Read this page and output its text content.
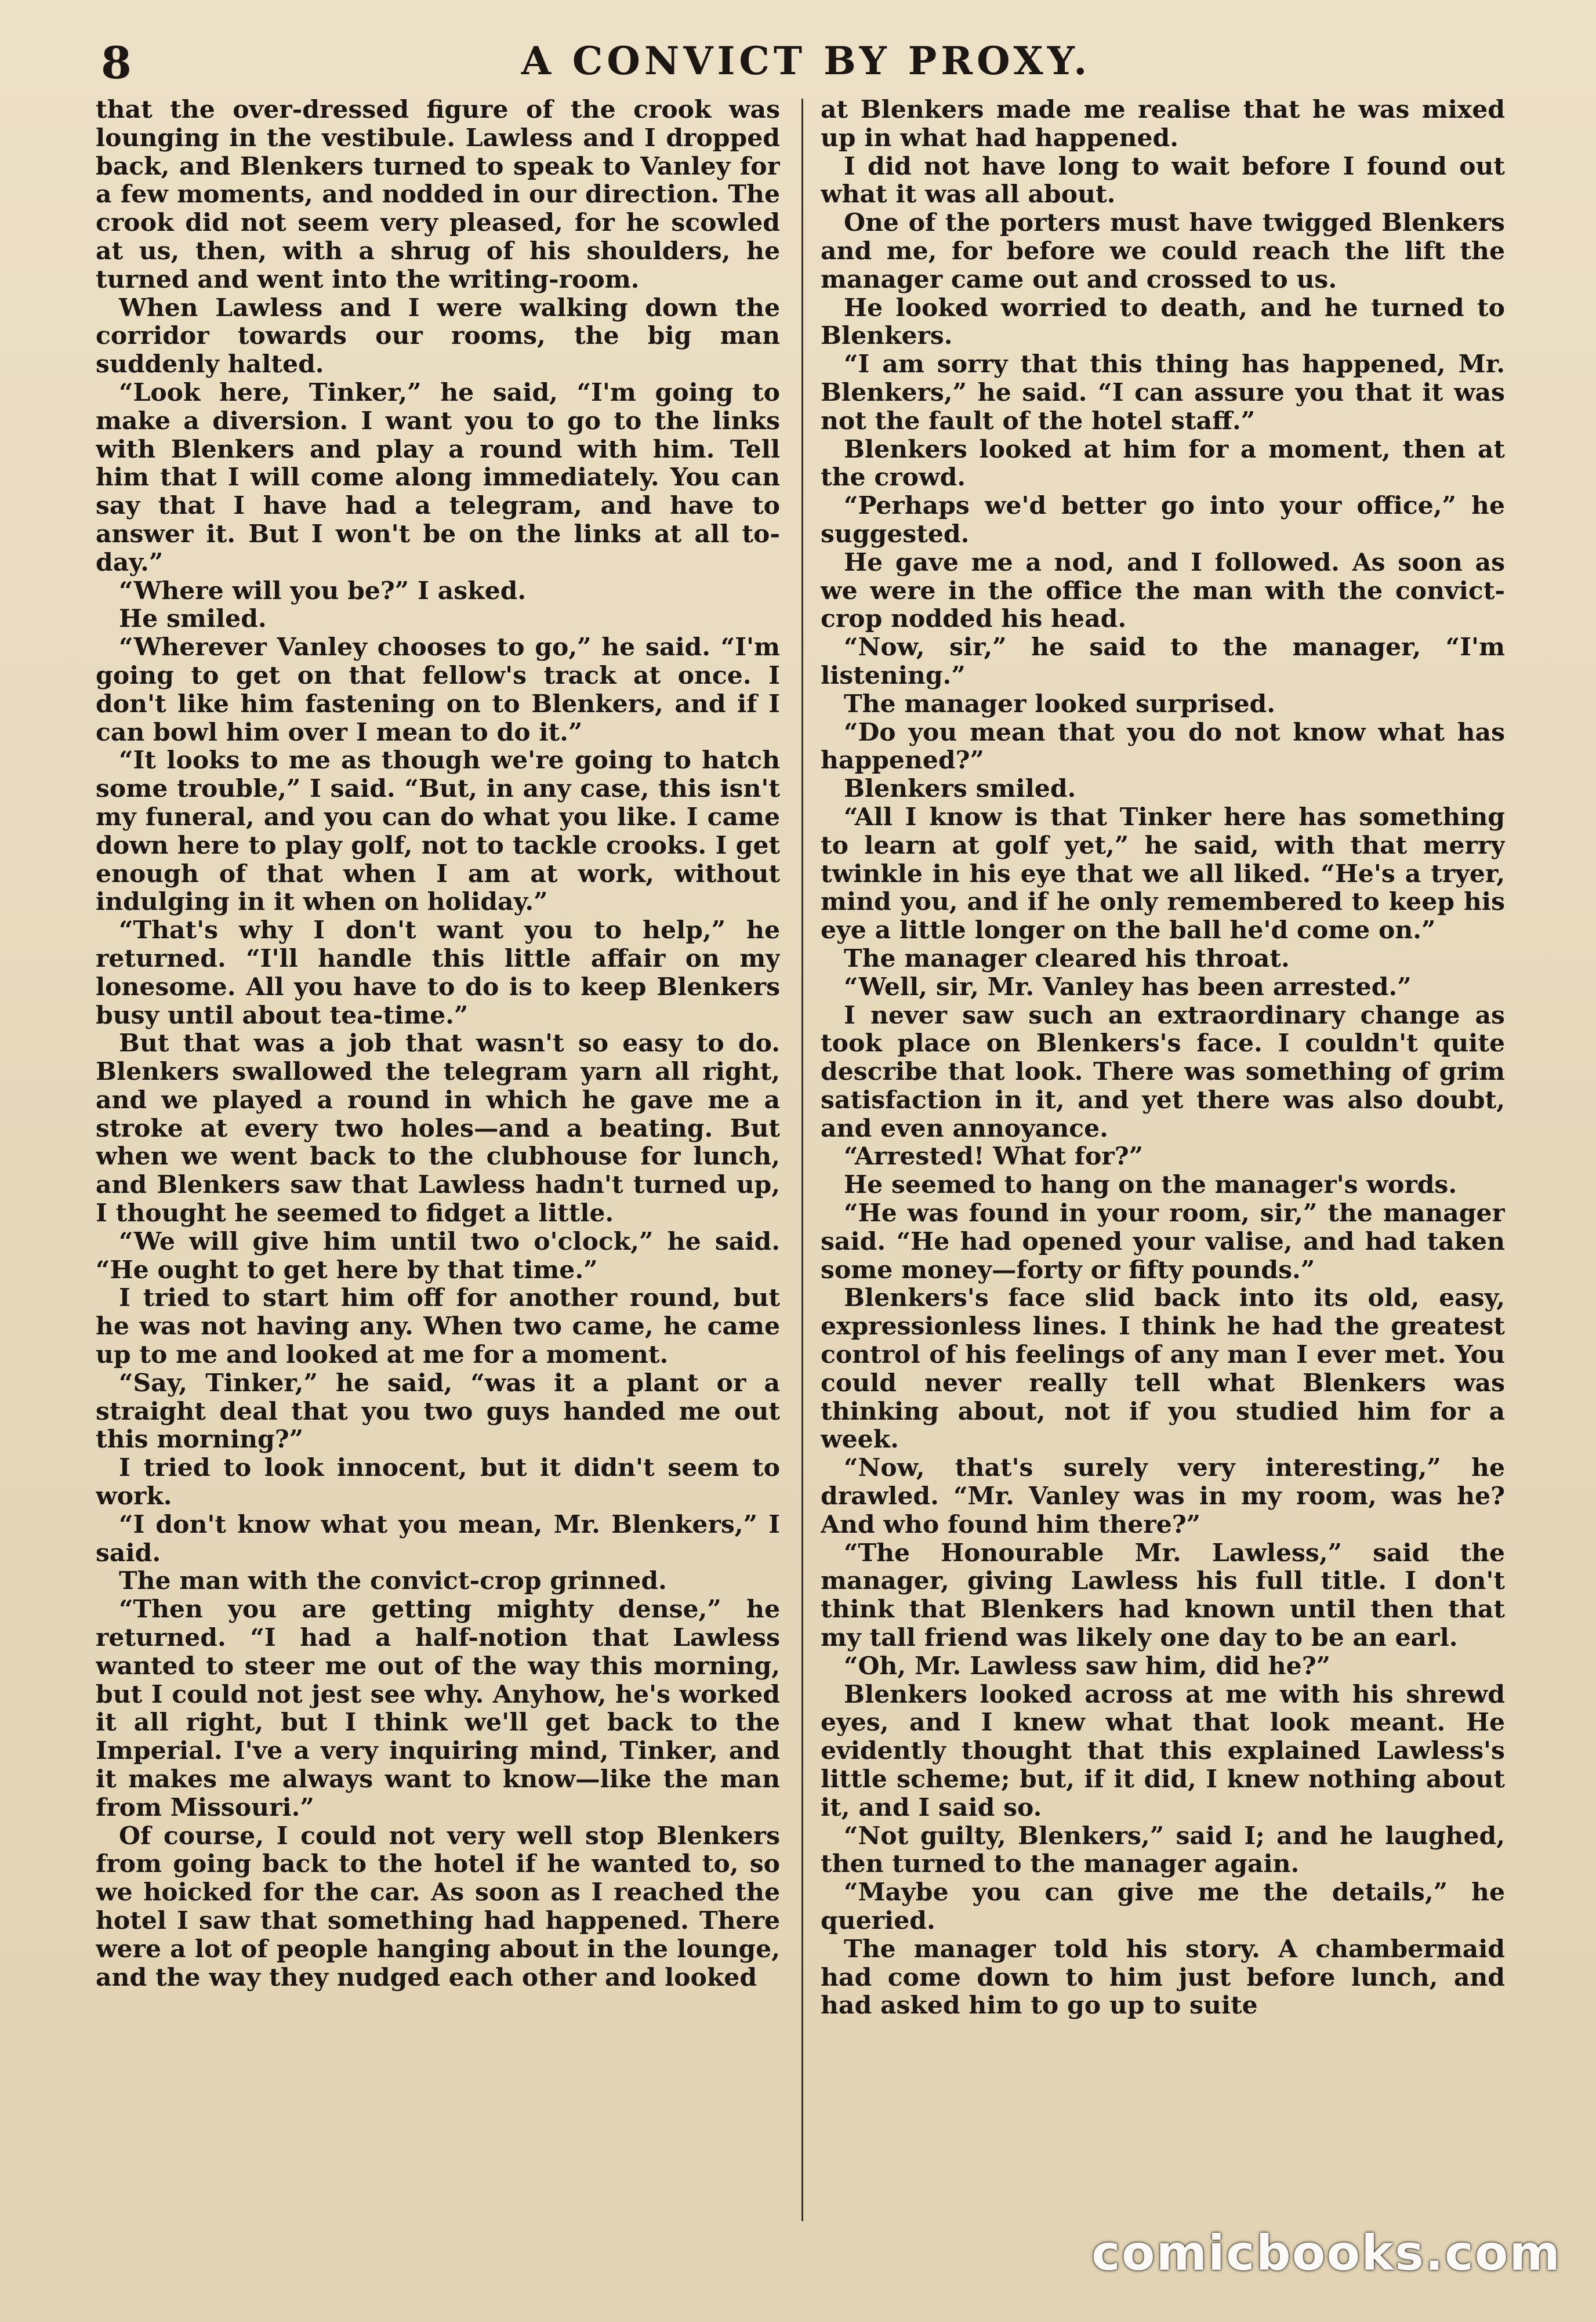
8	A CONVICT BY PROXY.

that the over-dressed figure of the crook was lounging in the vestibule. Lawless and I dropped back, and Blenkers turned to speak to Vanley for a few moments, and nodded in our direction. The crook did not seem very pleased, for he scowled at us, then, with a shrug of his shoulders, he turned and went into the writing-room.

When Lawless and I were walking down the corridor towards our rooms, the big man suddenly halted.

“Look here, Tinker,” he said, “I'm going to make a diversion. I want you to go to the links with Blenkers and play a round with him. Tell him that I will come along immediately. You can say that I have had a telegram, and have to answer it. But I won't be on the links at all to-day.”

“Where will you be?” I asked.

He smiled.

“Wherever Vanley chooses to go,” he said. “I'm going to get on that fellow's track at once. I don't like him fastening on to Blenkers, and if I can bowl him over I mean to do it.”

“It looks to me as though we're going to hatch some trouble,” I said. “But, in any case, this isn't my funeral, and you can do what you like. I came down here to play golf, not to tackle crooks. I get enough of that when I am at work, without indulging in it when on holiday.”

“That's why I don't want you to help,” he returned. “I'll handle this little affair on my lonesome. All you have to do is to keep Blenkers busy until about tea-time.”

But that was a job that wasn't so easy to do. Blenkers swallowed the telegram yarn all right, and we played a round in which he gave me a stroke at every two holes—and a beating. But when we went back to the clubhouse for lunch, and Blenkers saw that Lawless hadn't turned up, I thought he seemed to fidget a little.

“We will give him until two o'clock,” he said. “He ought to get here by that time.”

I tried to start him off for another round, but he was not having any. When two came, he came up to me and looked at me for a moment.

“Say, Tinker,” he said, “was it a plant or a straight deal that you two guys handed me out this morning?”

I tried to look innocent, but it didn't seem to work.

“I don't know what you mean, Mr. Blenkers,” I said.

The man with the convict-crop grinned.

“Then you are getting mighty dense,” he returned. “I had a half-notion that Lawless wanted to steer me out of the way this morning, but I could not jest see why. Anyhow, he's worked it all right, but I think we'll get back to the Imperial. I've a very inquiring mind, Tinker, and it makes me always want to know—like the man from Missouri.”

Of course, I could not very well stop Blenkers from going back to the hotel if he wanted to, so we hoicked for the car. As soon as I reached the hotel I saw that something had happened. There were a lot of people hanging about in the lounge, and the way they nudged each other and looked

at Blenkers made me realise that he was mixed up in what had happened.

I did not have long to wait before I found out what it was all about.

One of the porters must have twigged Blenkers and me, for before we could reach the lift the manager came out and crossed to us.

He looked worried to death, and he turned to Blenkers.

“I am sorry that this thing has happened, Mr. Blenkers,” he said. “I can assure you that it was not the fault of the hotel staff.”

Blenkers looked at him for a moment, then at the crowd.

“Perhaps we'd better go into your office,” he suggested.

He gave me a nod, and I followed. As soon as we were in the office the man with the convict-crop nodded his head.

“Now, sir,” he said to the manager, “I'm listening.”

The manager looked surprised.

“Do you mean that you do not know what has happened?”

Blenkers smiled.

“All I know is that Tinker here has something to learn at golf yet,” he said, with that merry twinkle in his eye that we all liked. “He's a tryer, mind you, and if he only remembered to keep his eye a little longer on the ball he'd come on.”

The manager cleared his throat.

“Well, sir, Mr. Vanley has been arrested.”

I never saw such an extraordinary change as took place on Blenkers's face. I couldn't quite describe that look. There was something of grim satisfaction in it, and yet there was also doubt, and even annoyance.

“Arrested! What for?”

He seemed to hang on the manager's words.

“He was found in your room, sir,” the manager said. “He had opened your valise, and had taken some money—forty or fifty pounds.”

Blenkers's face slid back into its old, easy, expressionless lines. I think he had the greatest control of his feelings of any man I ever met. You could never really tell what Blenkers was thinking about, not if you studied him for a week.

“Now, that's surely very interesting,” he drawled. “Mr. Vanley was in my room, was he? And who found him there?”

“The Honourable Mr. Lawless,” said the manager, giving Lawless his full title. I don't think that Blenkers had known until then that my tall friend was likely one day to be an earl.

“Oh, Mr. Lawless saw him, did he?”

Blenkers looked across at me with his shrewd eyes, and I knew what that look meant. He evidently thought that this explained Lawless's little scheme; but, if it did, I knew nothing about it, and I said so.

“Not guilty, Blenkers,” said I; and he laughed, then turned to the manager again.

“Maybe you can give me the details,” he queried.

The manager told his story. A chambermaid had come down to him just before lunch, and had asked him to go up to suite

comicbooks.com
